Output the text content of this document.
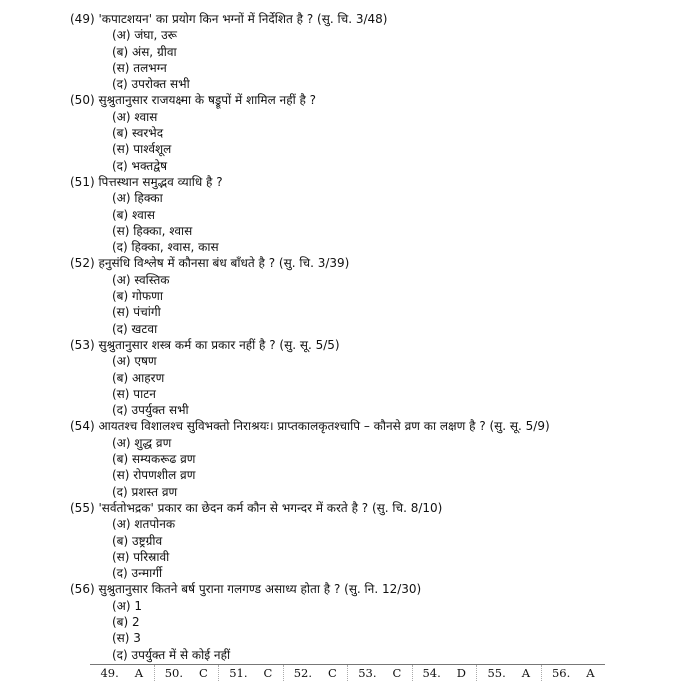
(49) 'कपाटशयन' का प्रयोग किन भग्नों में निर्देशित है ? (सु. चि. 3/48)
(अ) जंघा, उरू
(ब) अंस, ग्रीवा
(स) तलभग्न
(द) उपरोक्त सभी
(50) सुश्रुतानुसार राजयक्ष्मा के षड्रूपों में शामिल नहीं है ?
(अ) श्वास
(ब) स्वरभेद
(स) पार्श्वशूल
(द) भक्तद्वेष
(51) पित्तस्थान समुद्भव व्याधि है ?
(अ) हिक्का
(ब) श्वास
(स) हिक्का, श्वास
(द) हिक्का, श्वास, कास
(52) हनुसंधि विश्लेष में कौनसा बंध बाँधते है ? (सु. चि. 3/39)
(अ) स्वस्तिक
(ब) गोफणा
(स) पंचांगी
(द) खटवा
(53) सुश्रुतानुसार शस्त्र कर्म का प्रकार नहीं है ? (सु. सू. 5/5)
(अ) एषण
(ब) आहरण
(स) पाटन
(द) उपर्युक्त सभी
(54) आयतश्च विशालश्च सुविभक्तो निराश्रयः। प्राप्तकालकृतश्चापि – कौनसे व्रण का लक्षण है ? (सु. सू. 5/9)
(अ) शुद्ध व्रण
(ब) सम्यकरूढ व्रण
(स) रोपणशील व्रण
(द) प्रशस्त व्रण
(55) 'सर्वतोभद्रक' प्रकार का छेदन कर्म कौन से भगन्दर में करते है ? (सु. चि. 8/10)
(अ) शतपोनक
(ब) उष्ट्रग्रीव
(स) परिस्रावी
(द) उन्मार्गी
(56) सुश्रुतानुसार कितने बर्ष पुराना गलगण्ड असाध्य होता है ? (सु. नि. 12/30)
(अ) 1
(ब) 2
(स) 3
(द) उपर्युक्त में से कोई नहीं
49. A 50. C 51. C 52. C 53. C 54. D 55. A 56. A
